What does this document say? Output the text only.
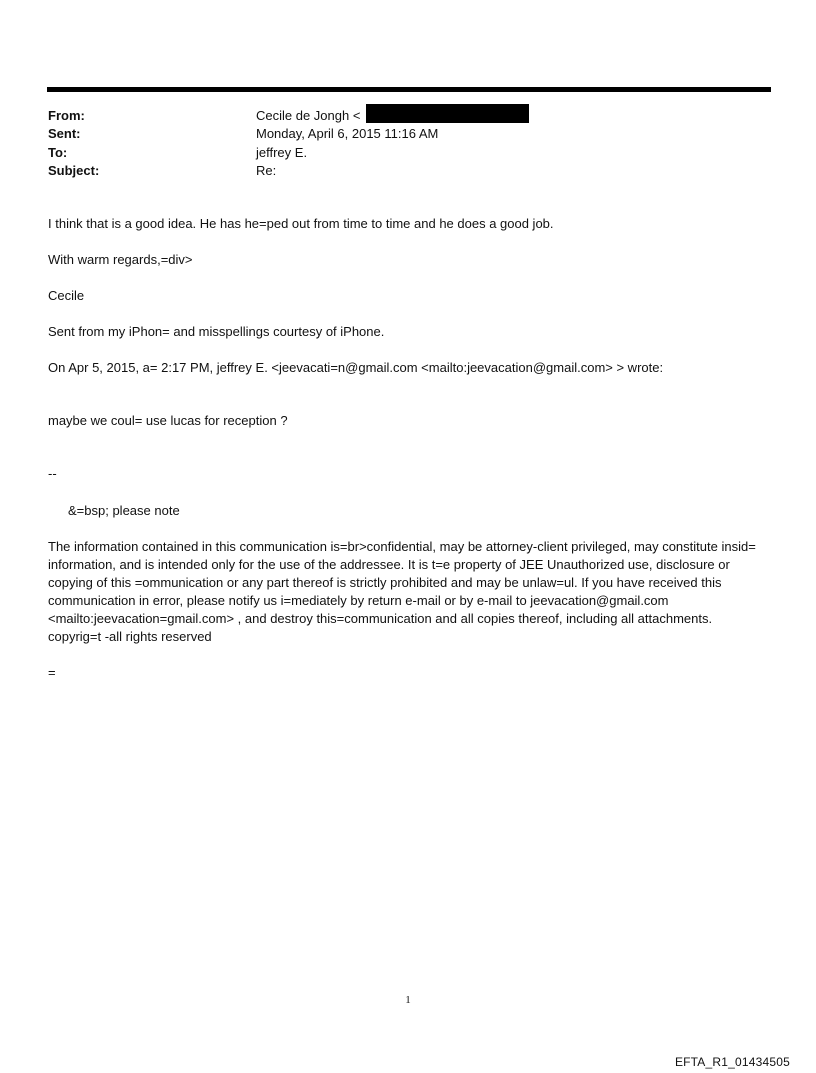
From:	Cecile de Jongh <
Sent:	Monday, April 6, 2015 11:16 AM
To:	jeffrey E.
Subject:	Re:
I think that is a good idea. He has he=ped out from time to time and he does a good job.
With warm regards,=div>
Cecile
Sent from my iPhon= and misspellings courtesy of iPhone.
On Apr 5, 2015, a= 2:17 PM, jeffrey E. <jeevacati=n@gmail.com <mailto:jeevacation@gmail.com> > wrote:
maybe we coul= use lucas for reception ?
--
&=bsp; please note
The information contained in this communication is=br>confidential, may be attorney-client privileged, may constitute insid= information, and is intended only for the use of the addressee. It is t=e property of JEE Unauthorized use, disclosure or copying of this =ommunication or any part thereof is strictly prohibited and may be unlaw=ul. If you have received this communication in error, please notify us i=mediately by return e-mail or by e-mail to jeevacation@gmail.com <mailto:jeevacation=gmail.com> , and destroy this=communication and all copies thereof, including all attachments. copyrig=t -all rights reserved
=
1
EFTA_R1_01434505
